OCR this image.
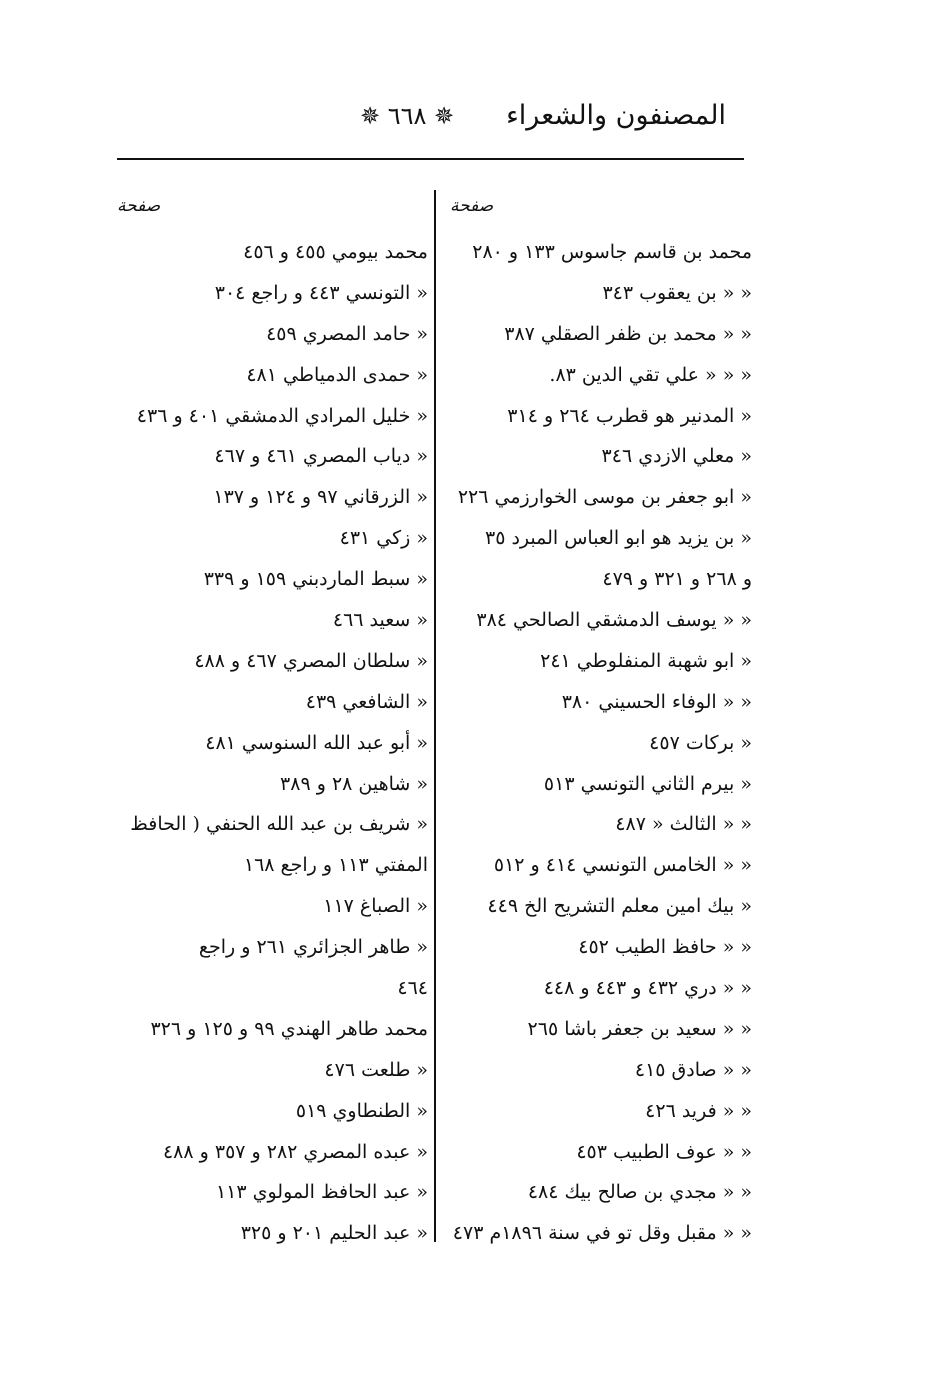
المصنفون والشعراء
✵ ٦٦٨ ✵
صفحة
صفحة
محمد بن قاسم جاسوس ١٣٣ و ٢٨٠
« « بن يعقوب ٣٤٣
« « محمد بن ظفر الصقلي ٣٨٧
« « « علي تقي الدين ٨٣.
« المدنير هو قطرب ٢٦٤ و ٣١٤
« معلي الازدي ٣٤٦
« ابو جعفر بن موسى الخوارزمي ٢٢٦
« بن يزيد هو ابو العباس المبرد ٣٥
و ٢٦٨ و ٣٢١ و ٤٧٩
« « يوسف الدمشقي الصالحي ٣٨٤
« ابو شهبة المنفلوطي ٢٤١
« « الوفاء الحسيني ٣٨٠
« بركات ٤٥٧
« بيرم الثاني التونسي ٥١٣
« « الثالث « ٤٨٧
« « الخامس التونسي ٤١٤ و ٥١٢
« بيك امين معلم التشريح الخ ٤٤٩
« « حافظ الطيب ٤٥٢
« « دري ٤٣٢ و ٤٤٣ و ٤٤٨
« « سعيد بن جعفر باشا ٢٦٥
« « صادق ٤١٥
« « فريد ٤٢٦
« « عوف الطبيب ٤٥٣
« « مجدي بن صالح بيك ٤٨٤
« « مقبل وقل تو في سنة ١٨٩٦م ٤٧٣
محمد بيومي ٤٥٥ و ٤٥٦
« التونسي ٤٤٣ و راجع ٣٠٤
« حامد المصري ٤٥٩
« حمدى الدمياطي ٤٨١
« خليل المرادي الدمشقي ٤٠١ و ٤٣٦
« دياب المصري ٤٦١ و ٤٦٧
« الزرقاني ٩٧ و ١٢٤ و ١٣٧
« زكي ٤٣١
« سبط الماردبني ١٥٩ و ٣٣٩
« سعيد ٤٦٦
« سلطان المصري ٤٦٧ و ٤٨٨
« الشافعي ٤٣٩
« أبو عبد الله السنوسي ٤٨١
« شاهين ٢٨ و ٣٨٩
« شريف بن عبد الله الحنفي ( الحافظ
المفتي ١١٣ و راجع ١٦٨
« الصباغ ١١٧
« طاهر الجزائري ٢٦١ و راجع
٤٦٤
محمد طاهر الهندي ٩٩ و ١٢٥ و ٣٢٦
« طلعت ٤٧٦
« الطنطاوي ٥١٩
« عبده المصري ٢٨٢ و ٣٥٧ و ٤٨٨
« عبد الحافظ المولوي ١١٣
« عبد الحليم ٢٠١ و ٣٢٥
